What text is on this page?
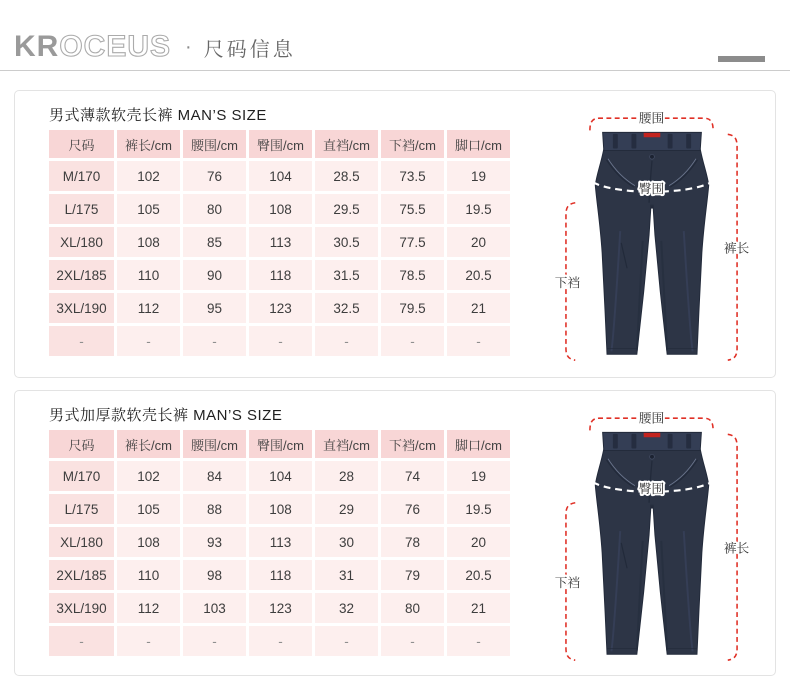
KROCEUS · 尺码信息
男式薄款软壳长裤 MAN’S SIZE
尺码	裤长/cm	腰围/cm	臀围/cm	直裆/cm	下裆/cm	脚口/cm
M/170	102	76	104	28.5	73.5	19
L/175	105	80	108	29.5	75.5	19.5
XL/180	108	85	113	30.5	77.5	20
2XL/185	110	90	118	31.5	78.5	20.5
3XL/190	112	95	123	32.5	79.5	21
-	-	-	-	-	-	-
腰围
臀围
裤长
下裆
男式加厚款软壳长裤 MAN’S SIZE
尺码	裤长/cm	腰围/cm	臀围/cm	直裆/cm	下裆/cm	脚口/cm
M/170	102	84	104	28	74	19
L/175	105	88	108	29	76	19.5
XL/180	108	93	113	30	78	20
2XL/185	110	98	118	31	79	20.5
3XL/190	112	103	123	32	80	21
-	-	-	-	-	-	-
腰围
臀围
裤长
下裆
